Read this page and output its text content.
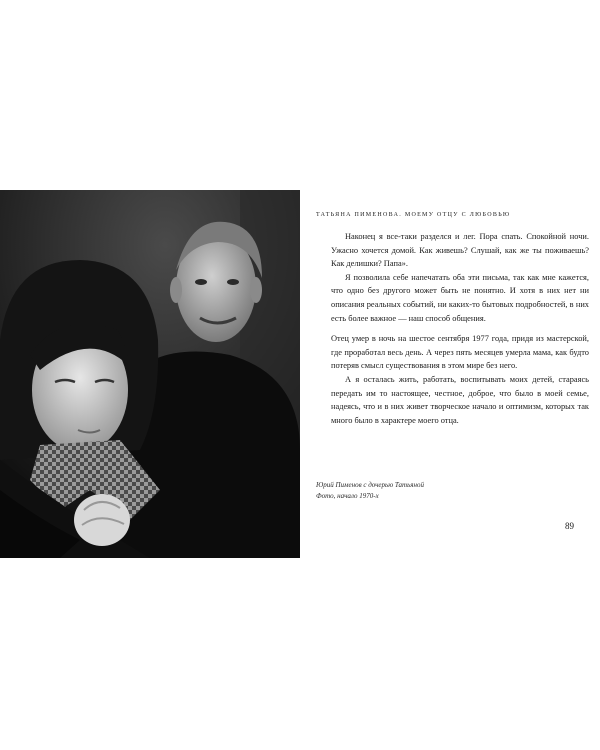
ТАТЬЯНА ПИМЕНОВА. МОЕМУ ОТЦУ С ЛЮБОВЬЮ

Наконец я все-таки разделся и лег. Пора спать. Спокойной ночи. Ужасно хочется домой. Как живешь? Слушай, как же ты поживаешь? Как делишки? Папа».

Я позволила себе напечатать оба эти письма, так как мне кажется, что одно без другого может быть не понятно. И хотя в них нет ни описания реальных событий, ни каких-то бытовых подробностей, в них есть более важное — наш способ общения.

Отец умер в ночь на шестое сентября 1977 года, придя из мастерской, где проработал весь день. А через пять месяцев умерла мама, как будто потеряв смысл существования в этом мире без него.

А я осталась жить, работать, воспитывать моих детей, стараясь передать им то настоящее, честное, доброе, что было в моей семье, надеясь, что и в них живет творческое начало и оптимизм, которых так много было в характере моего отца.

Юрий Пименов с дочерью Татьяной
Фото, начало 1970-х
89
